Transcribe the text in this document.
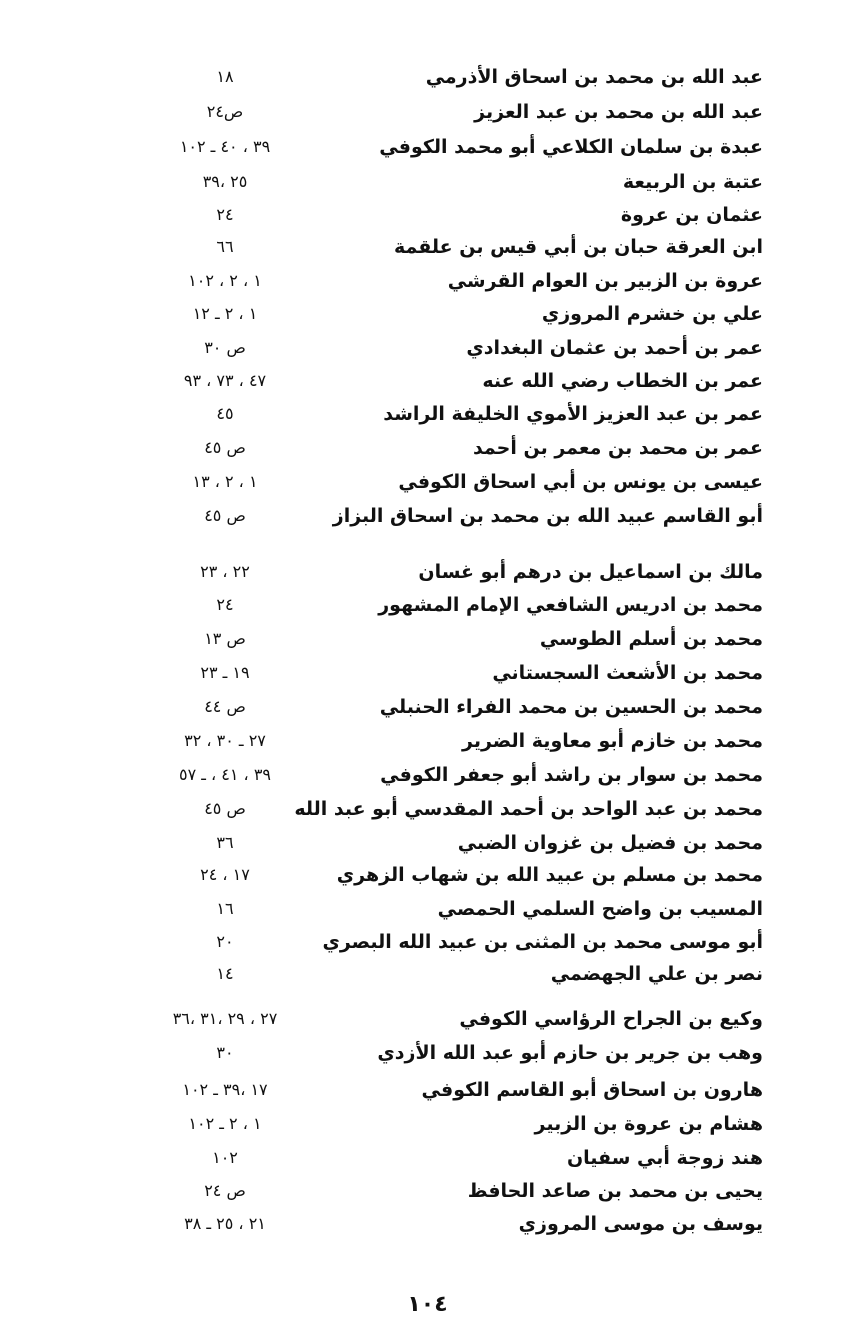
عبد الله بن محمد بن اسحاق الأذرمي
١٨
عبد الله بن محمد بن عبد العزيز
ص٢٤
عبدة بن سلمان الكلاعي أبو محمد الكوفي
٣٩ ، ٤٠ ـ ١٠٢
عتبة بن الربيعة
٢٥ ،٣٩
عثمان بن عروة
٢٤
ابن العرقة حبان بن أبي قيس بن علقمة
٦٦
عروة بن الزبير بن العوام القرشي
١ ، ٢ ، ١٠٢
علي بن خشرم المروزي
١ ، ٢ ـ ١٢
عمر بن أحمد بن عثمان البغدادي
ص ٣٠
عمر بن الخطاب رضي الله عنه
٤٧ ، ٧٣ ، ٩٣
عمر بن عبد العزيز الأموي الخليفة الراشد
٤٥
عمر بن محمد بن معمر بن أحمد
ص ٤٥
عيسى بن يونس بن أبي اسحاق الكوفي
١ ، ٢ ، ١٣
أبو القاسم عبيد الله بن محمد بن اسحاق البزاز
ص ٤٥
مالك بن اسماعيل بن درهم أبو غسان
٢٢ ، ٢٣
محمد بن ادريس الشافعي الإمام المشهور
٢٤
محمد بن أسلم الطوسي
ص ١٣
محمد بن الأشعث السجستاني
١٩ ـ ٢٣
محمد بن الحسين بن محمد الفراء الحنبلي
ص ٤٤
محمد بن خازم أبو معاوية الضرير
٢٧ ـ ٣٠ ، ٣٢
محمد بن سوار بن راشد أبو جعفر الكوفي
٣٩ ، ٤١ ، ـ ٥٧
محمد بن عبد الواحد بن أحمد المقدسي أبو عبد الله
ص ٤٥
محمد بن فضيل بن غزوان الضبي
٣٦
محمد بن مسلم بن عبيد الله بن شهاب الزهري
١٧ ، ٢٤
المسيب بن واضح السلمي الحمصي
١٦
أبو موسى محمد بن المثنى بن عبيد الله البصري
٢٠
نصر بن علي الجهضمي
١٤
وكيع بن الجراح الرؤاسي الكوفي
٢٧ ، ٢٩ ،٣١ ،٣٦
وهب بن جرير بن حازم أبو عبد الله الأزدي
٣٠
هارون بن اسحاق أبو القاسم الكوفي
١٧ ،٣٩ ـ ١٠٢
هشام بن عروة بن الزبير
١ ، ٢ ـ ١٠٢
هند زوجة أبي سفيان
١٠٢
يحيى بن محمد بن صاعد الحافظ
ص ٢٤
يوسف بن موسى المروزي
٢١ ، ٢٥ ـ ٣٨
١٠٤
